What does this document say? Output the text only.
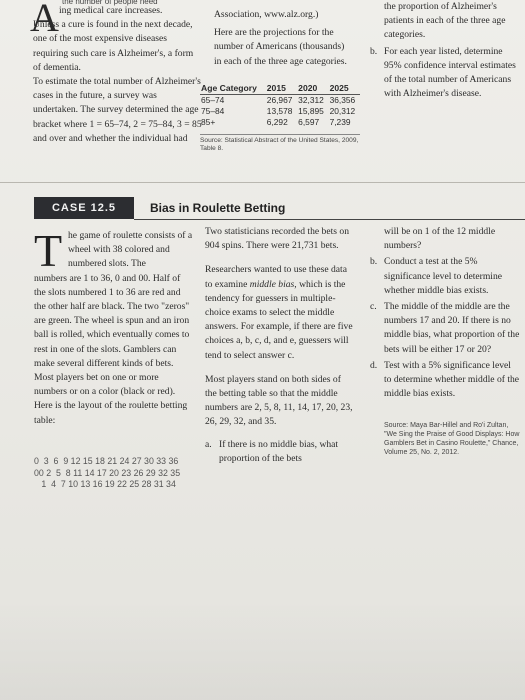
A the number of people need

ing medical care increases.

Unless a cure is found in the next decade, one of the most expensive diseases requiring such care is Alzheimer's, a form of dementia.

To estimate the total number of Alzheimer's cases in the future, a survey was undertaken. The survey determined the age bracket where 1 = 65–74, 2 = 75–84, 3 = 85 and over and whether the individual had

Association, www.alz.org.)

Here are the projections for the number of Americans (thousands) in each of the three age categories.

Age Category	2015	2020	2025
65–74	26,967	32,312	36,356
75–84	13,578	15,895	20,312
85+	6,292	6,597	7,239
Source: Statistical Abstract of the United States, 2009, Table 8.

the proportion of Alzheimer's patients in each of the three age categories.

b. For each year listed, determine 95% confidence interval estimates of the total number of Americans with Alzheimer's disease.
CASE 12.5	Bias in Roulette Betting
T he game of roulette consists of a wheel with 38 colored and numbered slots. The

numbers are 1 to 36, 0 and 00. Half of the slots numbered 1 to 36 are red and the other half are black. The two "zeros" are green. The wheel is spun and an iron ball is rolled, which eventually comes to rest in one of the slots. Gamblers can make several different kinds of bets. Most players bet on one or more numbers or on a color (black or red). Here is the layout of the roulette betting table:

0  3  6  9 12 15 18 21 24 27 30 33 36
00 2  5  8 11 14 17 20 23 26 29 32 35
1  4  7 10 13 16 19 22 25 28 31 34

Two statisticians recorded the bets on 904 spins. There were 21,731 bets.

Researchers wanted to use these data to examine middle bias, which is the tendency for guessers in multiple-choice exams to select the middle answers. For example, if there are five choices a, b, c, d, and e, guessers will tend to select answer c.

Most players stand on both sides of the betting table so that the middle numbers are 2, 5, 8, 11, 14, 17, 20, 23, 26, 29, 32, and 35.

a. If there is no middle bias, what proportion of the bets

will be on 1 of the 12 middle numbers?

b. Conduct a test at the 5% significance level to determine whether middle bias exists.
c. The middle of the middle are the numbers 17 and 20. If there is no middle bias, what proportion of the bets will be either 17 or 20?
d. Test with a 5% significance level to determine whether middle of the middle bias exists.

Source: Maya Bar-Hillel and Ro'i Zultan, "We Sing the Praise of Good Displays: How Gamblers Bet in Casino Roulette," Chance, Volume 25, No. 2, 2012.
